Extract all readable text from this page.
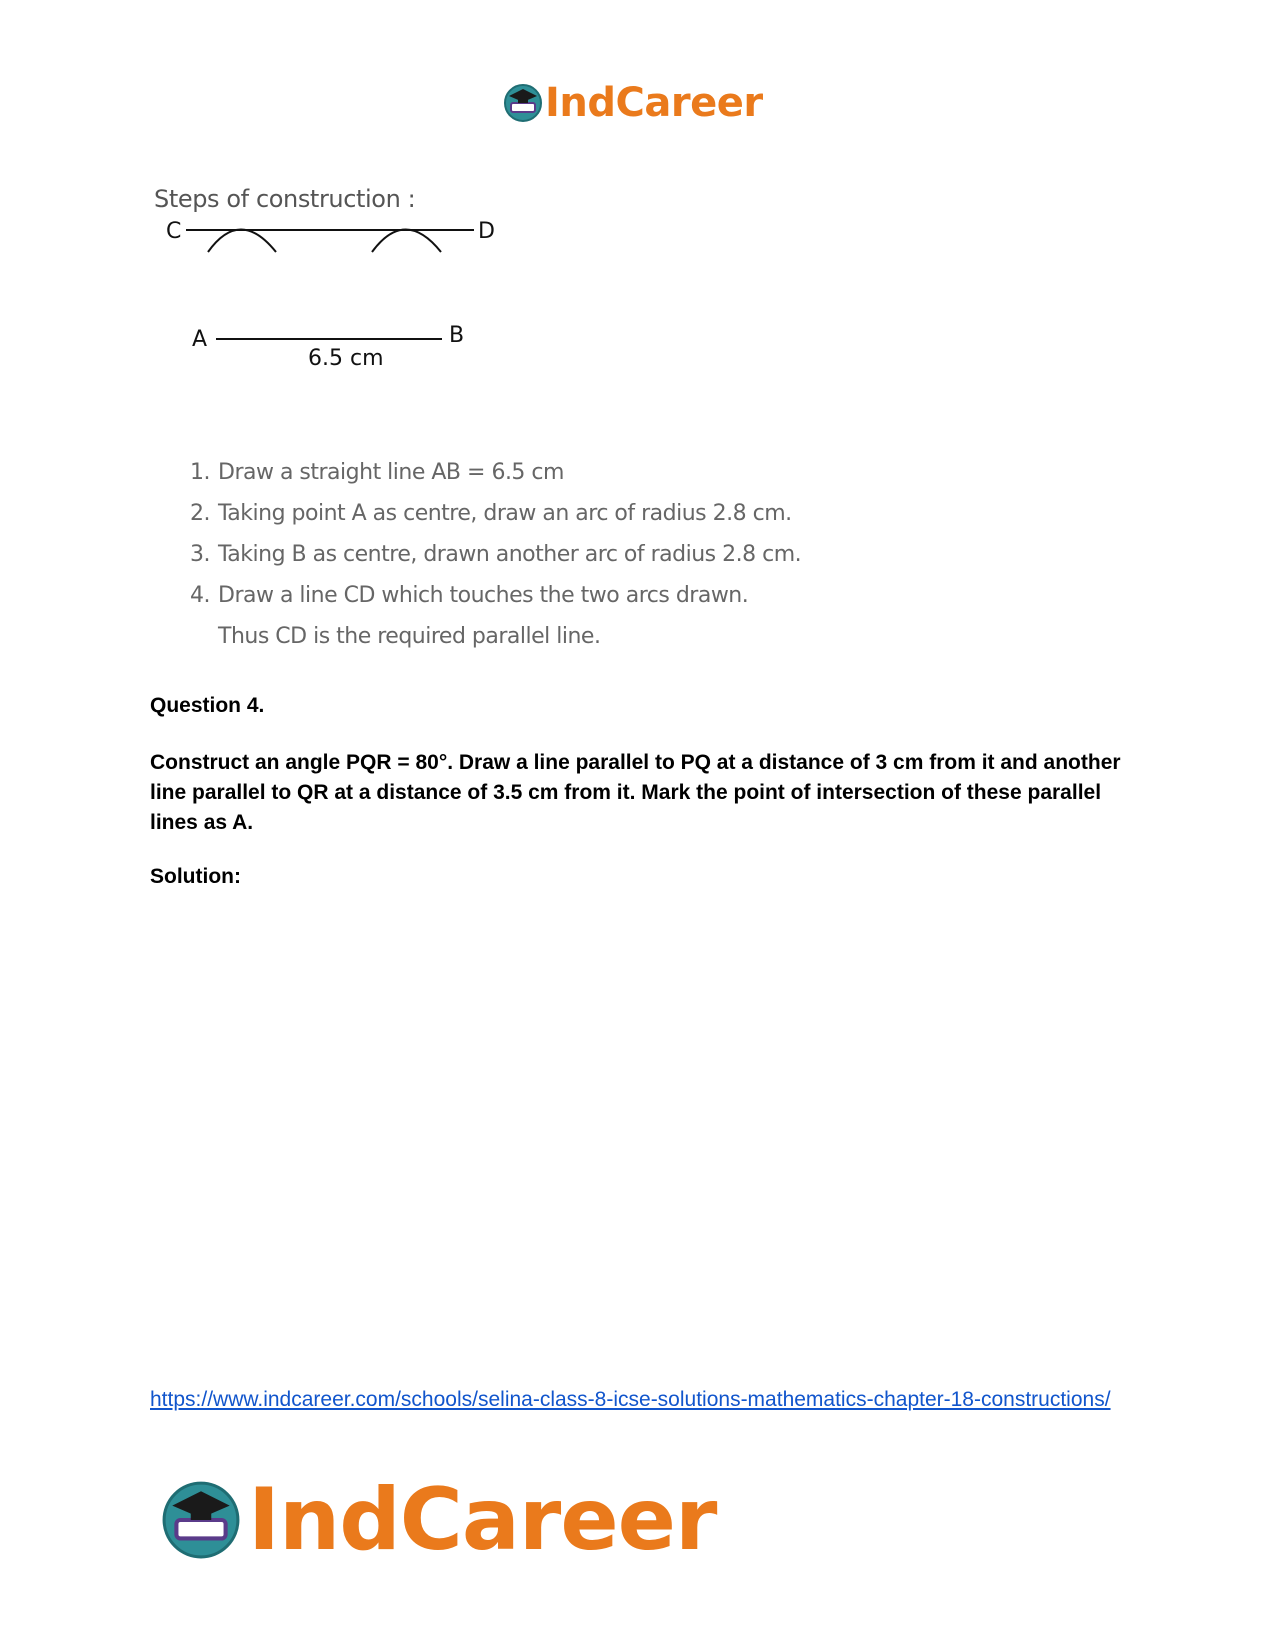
IndCareer
Steps of construction :
C	D
A	B
6.5 cm
1. Draw a straight line AB = 6.5 cm
2. Taking point A as centre, draw an arc of radius 2.8 cm.
3. Taking B as centre, drawn another arc of radius 2.8 cm.
4. Draw a line CD which touches the two arcs drawn.
Thus CD is the required parallel line.
Question 4.
Construct an angle PQR = 80°. Draw a line parallel to PQ at a distance of 3 cm from it and another line parallel to QR at a distance of 3.5 cm from it. Mark the point of intersection of these parallel lines as A.
Solution:
https://www.indcareer.com/schools/selina-class-8-icse-solutions-mathematics-chapter-18-constructions/
IndCareer
